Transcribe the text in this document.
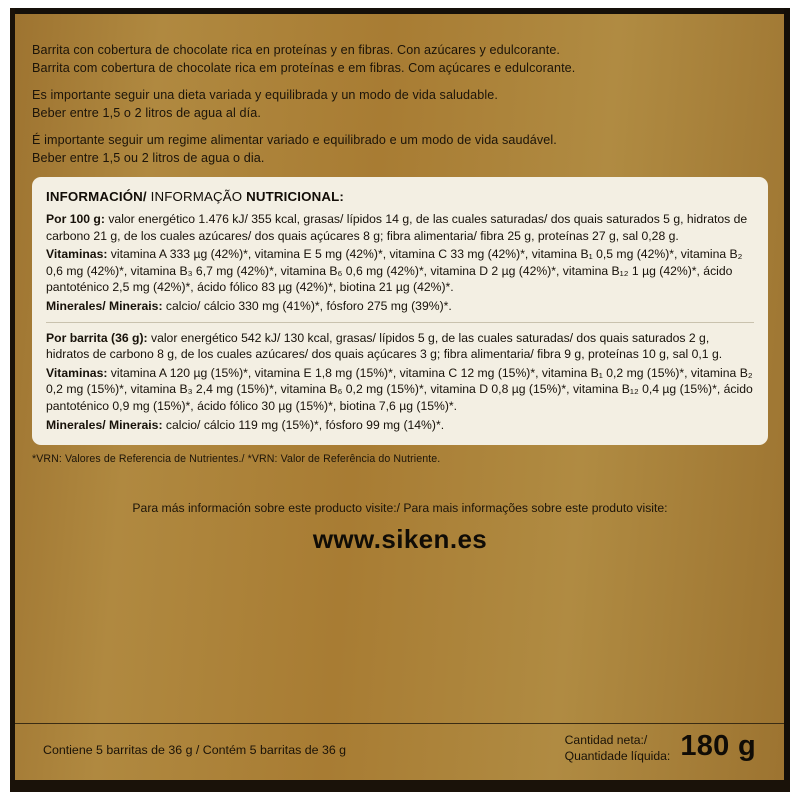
Barrita con cobertura de chocolate rica en proteínas y en fibras. Con azúcares y edulcorante.
Barrita com cobertura de chocolate rica em proteínas e em fibras. Com açúcares e edulcorante.
Es importante seguir una dieta variada y equilibrada y un modo de vida saludable.
Beber entre 1,5 o 2 litros de agua al día.
É importante seguir um regime alimentar variado e equilibrado e um modo de vida saudável.
Beber entre 1,5 ou 2 litros de agua o dia.
INFORMACIÓN/ INFORMAÇÃO NUTRICIONAL:
Por 100 g: valor energético 1.476 kJ/ 355 kcal, grasas/ lípidos 14 g, de las cuales saturadas/ dos quais saturados 5 g, hidratos de carbono 21 g, de los cuales azúcares/ dos quais açúcares 8 g; fibra alimentaria/ fibra 25 g, proteínas 27 g, sal 0,28 g.
Vitaminas: vitamina A 333 µg (42%)*, vitamina E 5 mg (42%)*, vitamina C 33 mg (42%)*, vitamina B₁ 0,5 mg (42%)*, vitamina B₂ 0,6 mg (42%)*, vitamina B₃ 6,7 mg (42%)*, vitamina B₆ 0,6 mg (42%)*, vitamina D 2 µg (42%)*, vitamina B₁₂ 1 µg (42%)*, ácido pantoténico 2,5 mg (42%)*, ácido fólico 83 µg (42%)*, biotina 21 µg (42%)*.
Minerales/ Minerais: calcio/ cálcio 330 mg (41%)*, fósforo 275 mg (39%)*.
Por barrita (36 g): valor energético 542 kJ/ 130 kcal, grasas/ lípidos 5 g, de las cuales saturadas/ dos quais saturados 2 g, hidratos de carbono 8 g, de los cuales azúcares/ dos quais açúcares 3 g; fibra alimentaria/ fibra 9 g, proteínas 10 g, sal 0,1 g.
Vitaminas: vitamina A 120 µg (15%)*, vitamina E 1,8 mg (15%)*, vitamina C 12 mg (15%)*, vitamina B₁ 0,2 mg (15%)*, vitamina B₂ 0,2 mg (15%)*, vitamina B₃ 2,4 mg (15%)*, vitamina B₆ 0,2 mg (15%)*, vitamina D 0,8 µg (15%)*, vitamina B₁₂ 0,4 µg (15%)*, ácido pantoténico 0,9 mg (15%)*, ácido fólico 30 µg (15%)*, biotina 7,6 µg (15%)*.
Minerales/ Minerais: calcio/ cálcio 119 mg (15%)*, fósforo 99 mg (14%)*.
*VRN: Valores de Referencia de Nutrientes./ *VRN: Valor de Referência do Nutriente.
Para más información sobre este producto visite:/ Para mais informações sobre este produto visite:
www.siken.es
Contiene 5 barritas de 36 g / Contém 5 barritas de 36 g
Cantidad neta:/
Quantidade líquida: 180 g
